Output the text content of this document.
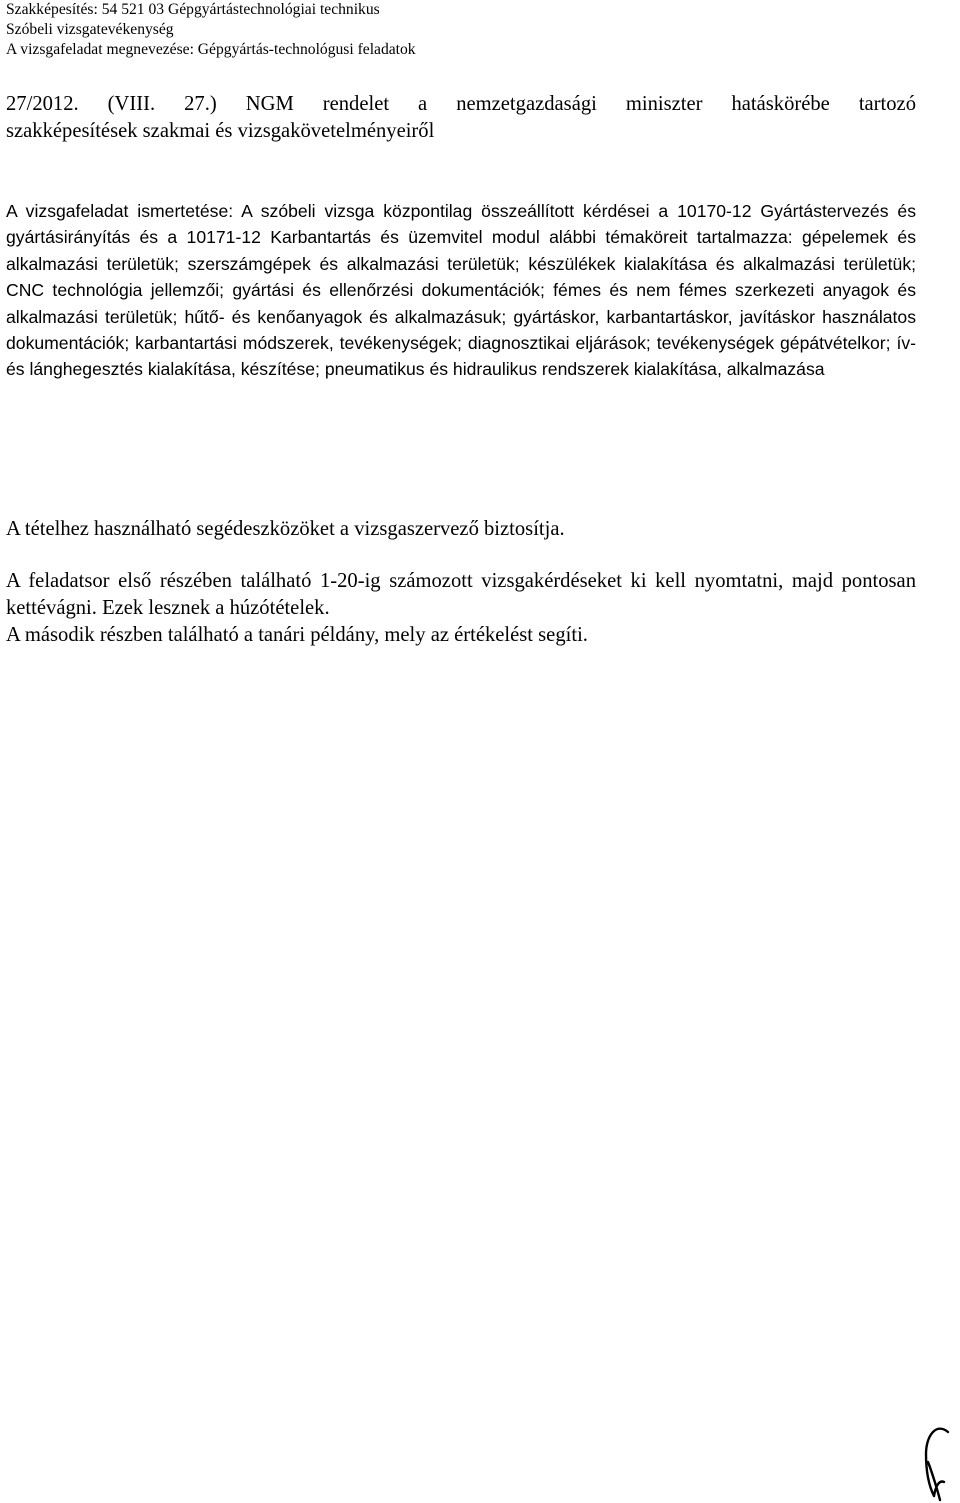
Szakképesítés: 54 521 03 Gépgyártástechnológiai technikus
Szóbeli vizsgatevékenység
A vizsgafeladat megnevezése: Gépgyártás-technológusi feladatok
27/2012. (VIII. 27.) NGM rendelet a nemzetgazdasági miniszter hatáskörébe tartozó
szakképesítések szakmai és vizsgakövetelményeiről
A vizsgafeladat ismertetése: A szóbeli vizsga központilag összeállított kérdései a 10170-12 Gyártástervezés és gyártásirányítás és a 10171-12 Karbantartás és üzemvitel modul alábbi témaköreit tartalmazza: gépelemek és alkalmazási területük; szerszámgépek és alkalmazási területük; készülékek kialakítása és alkalmazási területük; CNC technológia jellemzői; gyártási és ellenőrzési dokumentációk; fémes és nem fémes szerkezeti anyagok és alkalmazási területük; hűtő- és kenőanyagok és alkalmazásuk; gyártáskor, karbantartáskor, javításkor használatos dokumentációk; karbantartási módszerek, tevékenységek; diagnosztikai eljárások; tevékenységek gépátvételkor; ív- és lánghegesztés kialakítása, készítése; pneumatikus és hidraulikus rendszerek kialakítása, alkalmazása
A tételhez használható segédeszközöket a vizsgaszervező biztosítja.

A feladatsor első részében található 1-20-ig számozott vizsgakérdéseket ki kell nyomtatni, majd pontosan kettévágni. Ezek lesznek a húzótételek.

A második részben található a tanári példány, mely az értékelést segíti.
